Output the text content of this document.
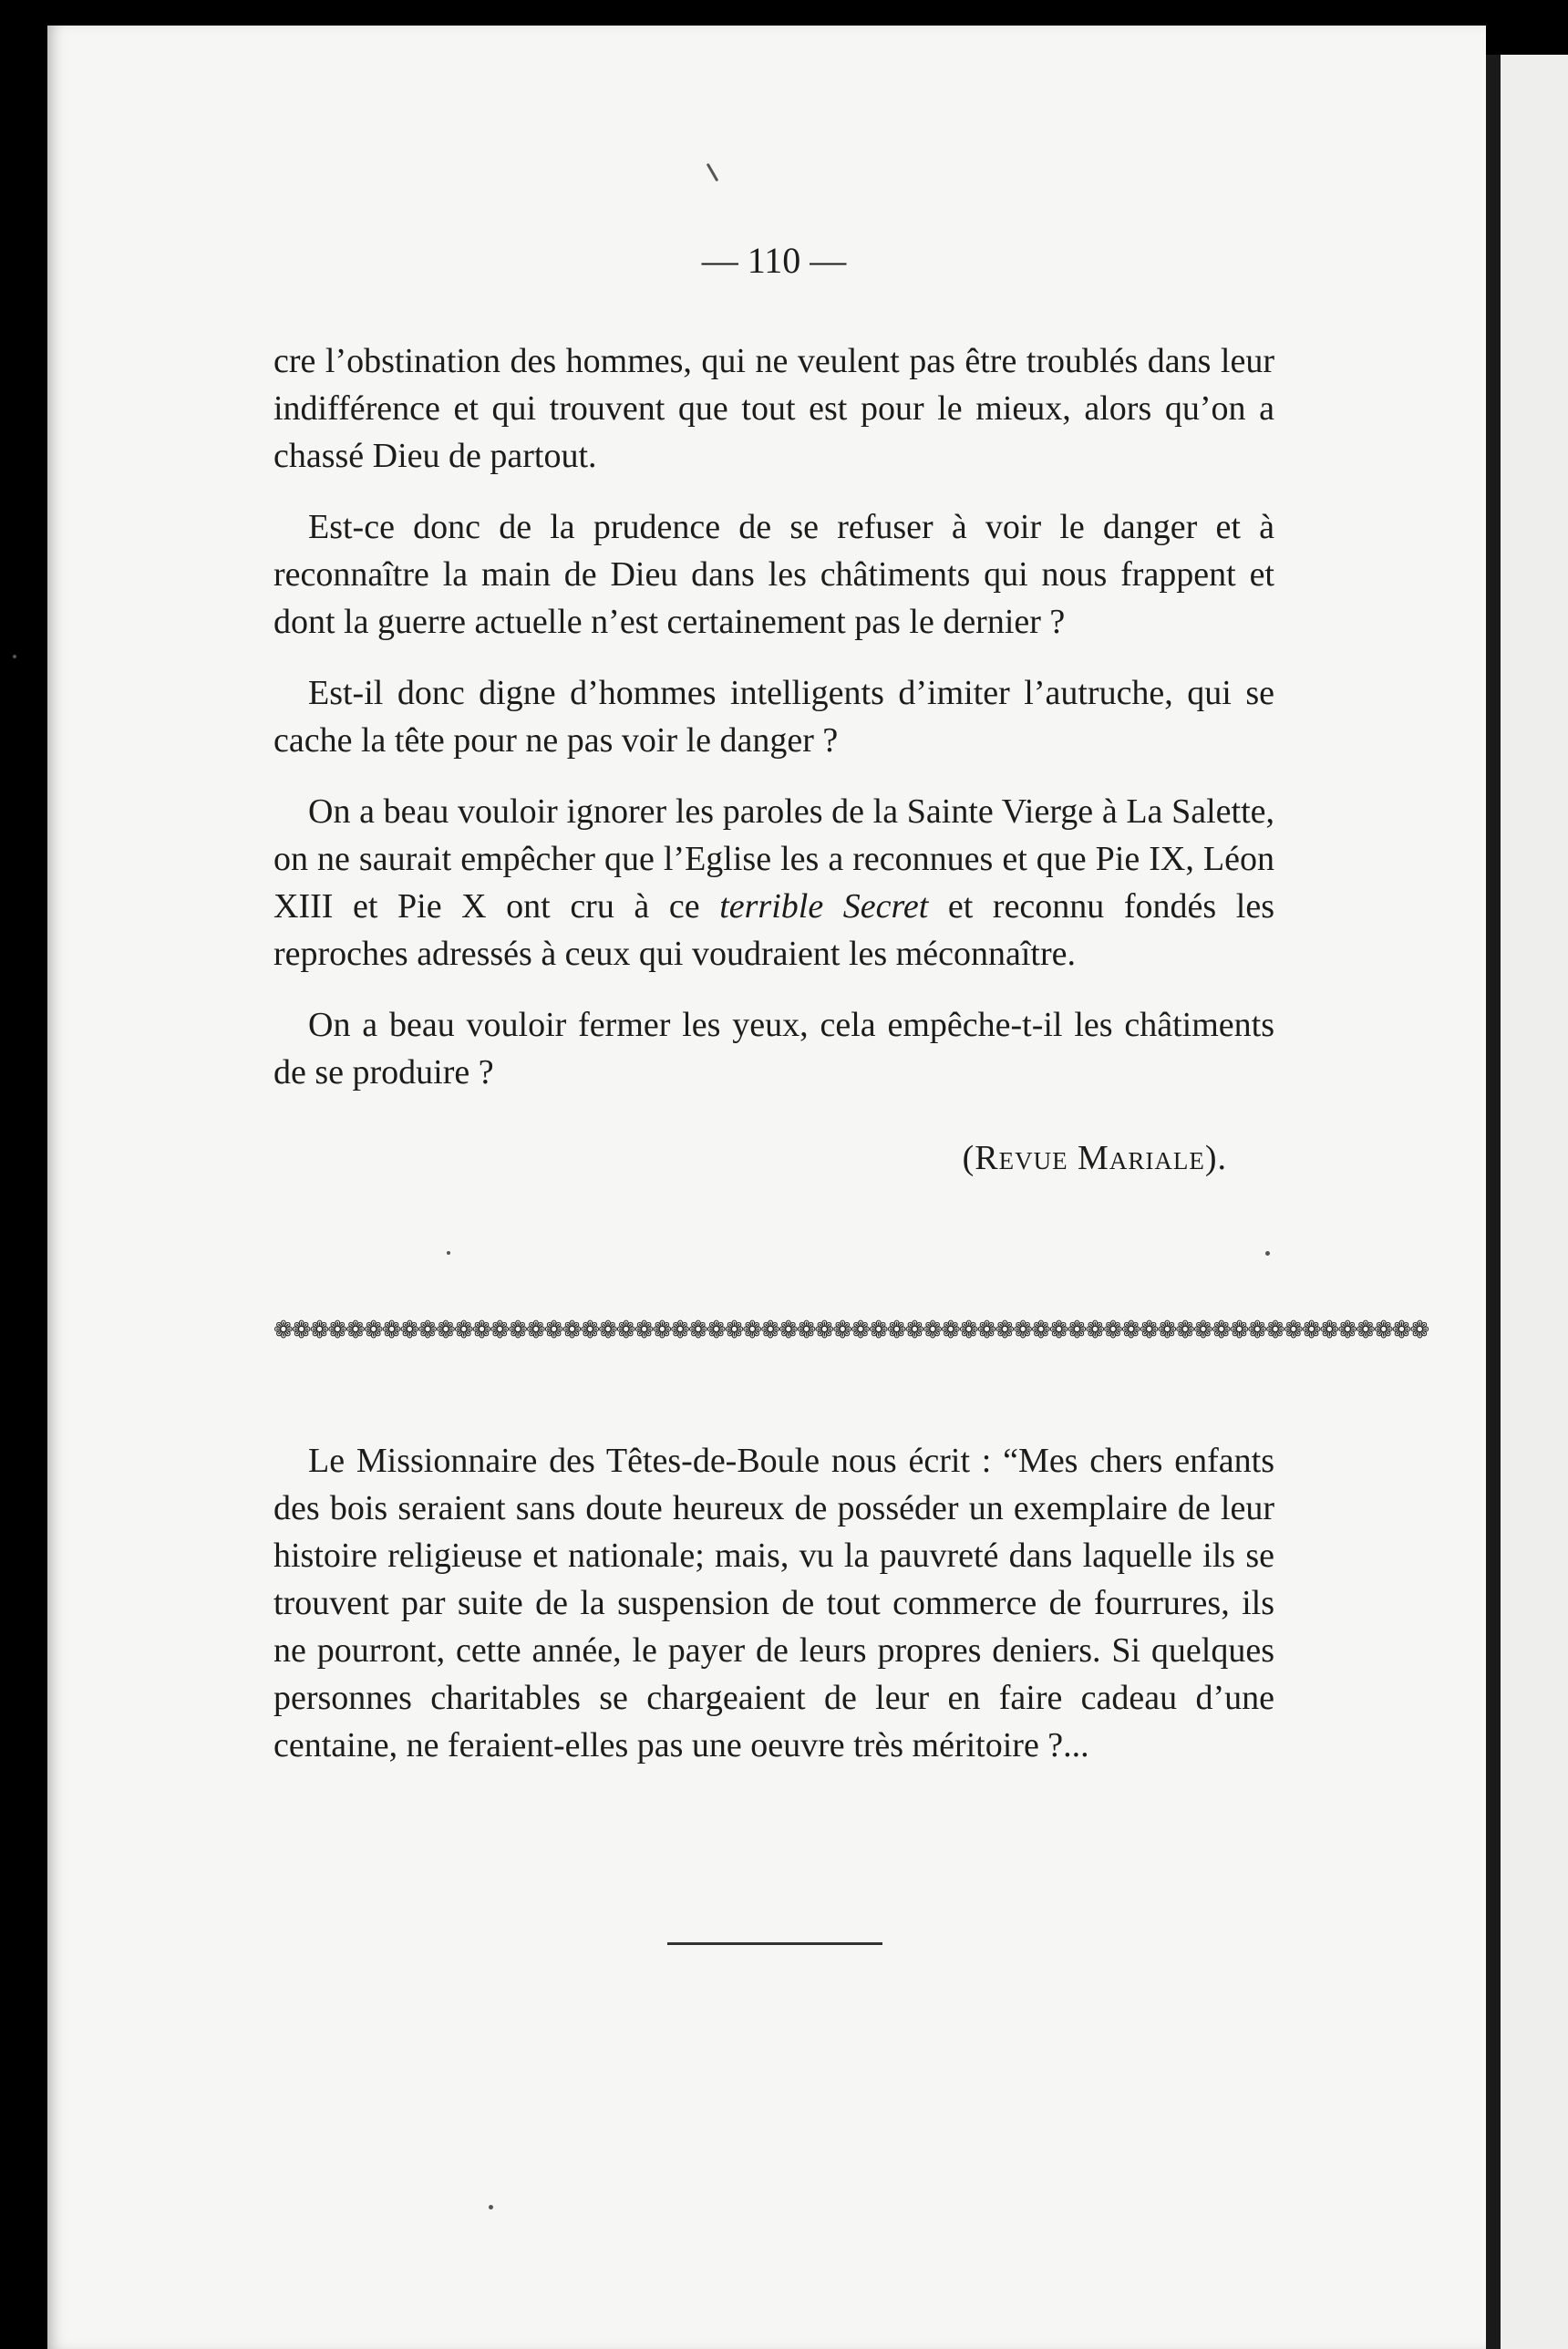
— 110 —

cre l’obstination des hommes, qui ne veulent pas être troublés dans leur indifférence et qui trouvent que tout est pour le mieux, alors qu’on a chassé Dieu de partout.

Est-ce donc de la prudence de se refuser à voir le danger et à reconnaître la main de Dieu dans les châtiments qui nous frappent et dont la guerre actuelle n’est certainement pas le dernier ?

Est-il donc digne d’hommes intelligents d’imiter l’autruche, qui se cache la tête pour ne pas voir le danger ?

On a beau vouloir ignorer les paroles de la Sainte Vierge à La Salette, on ne saurait empêcher que l’Eglise les a reconnues et que Pie IX, Léon XIII et Pie X ont cru à ce terrible Secret et reconnu fondés les reproches adressés à ceux qui voudraient les méconnaître.

On a beau vouloir fermer les yeux, cela empêche-t-il les châtiments de se produire ?

(Revue Mariale).

❁❁❁❁❁❁❁❁❁❁❁❁❁❁❁❁❁❁❁❁❁❁❁❁❁❁❁❁❁❁❁❁❁❁❁❁❁❁❁❁❁❁❁❁❁❁❁❁❁❁❁❁❁❁❁❁❁❁❁❁❁❁❁❁

Le Missionnaire des Têtes-de-Boule nous écrit : “Mes chers enfants des bois seraient sans doute heureux de posséder un exemplaire de leur histoire religieuse et nationale; mais, vu la pauvreté dans laquelle ils se trouvent par suite de la suspension de tout commerce de fourrures, ils ne pourront, cette année, le payer de leurs propres deniers. Si quelques personnes charitables se chargeaient de leur en faire cadeau d’une centaine, ne feraient-elles pas une oeuvre très méritoire ?...
